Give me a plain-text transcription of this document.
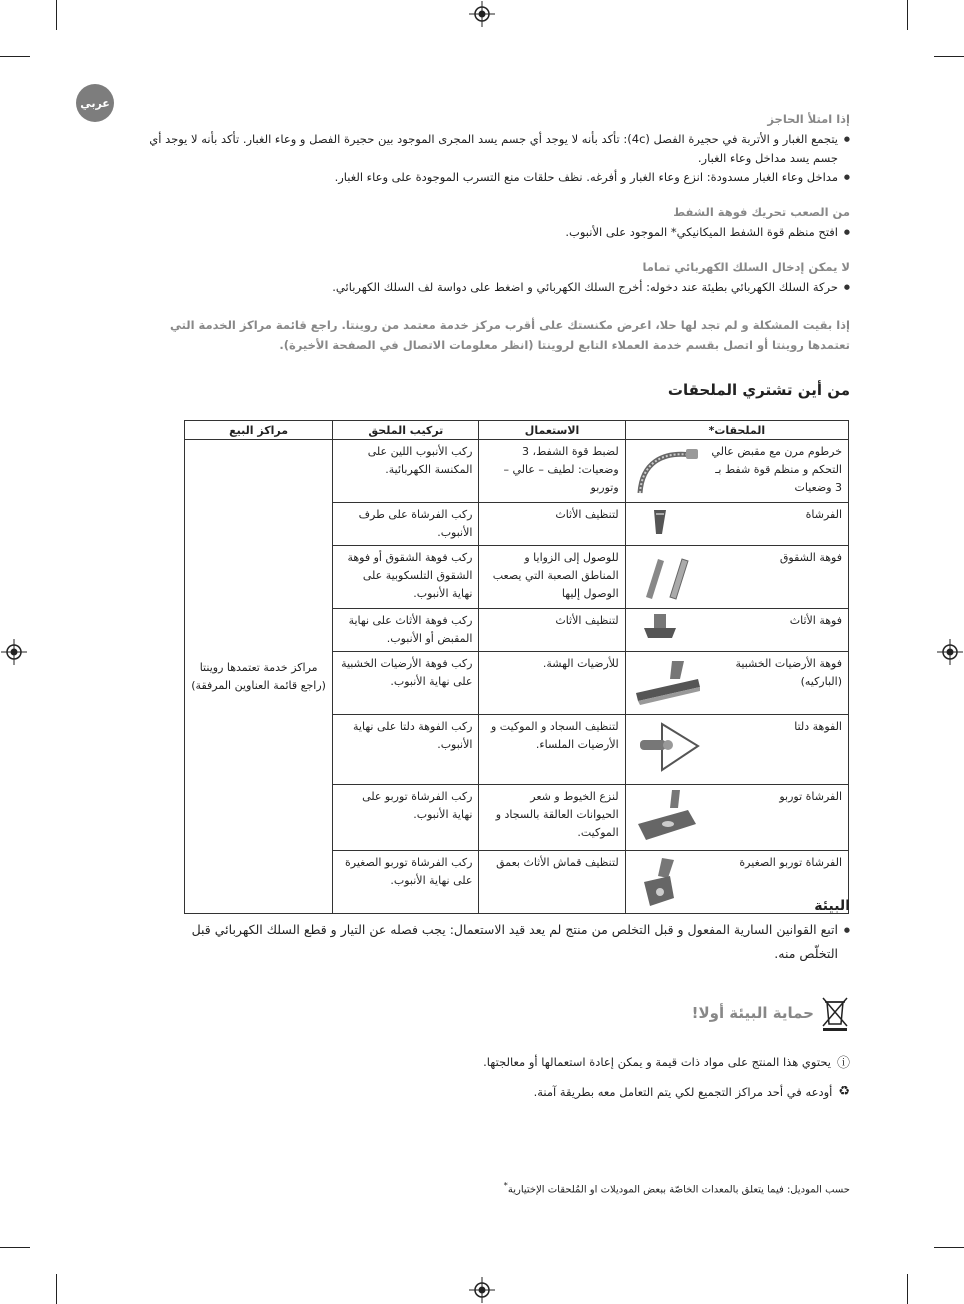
عربي
إذا امتلأ الحاجز
● يتجمع الغبار و الأتربة في حجيرة الفصل (4c): تأكد بأنه لا يوجد أي جسم يسد المجرى الموجود بين حجيرة الفصل و وعاء الغبار. تأكد بأنه لا يوجد أي جسم يسد مداخل وعاء الغبار.
● مداخل وعاء الغبار مسدودة: انزع وعاء الغبار و أفرغه. نظف حلقات منع التسرب الموجودة على وعاء الغبار.
من الصعب تحريك فوهة الشفط
● افتح منظم قوة الشفط الميكانيكي* الموجود على الأنبوب.
لا يمكن إدخال السلك الكهربائي تماما
● حركة السلك الكهربائي بطيئة عند دخوله: أخرج السلك الكهربائي و اضغط على دواسة لف السلك الكهربائي.
إذا بقيت المشكلة و لم تجد لها حلا، اعرض مكنستك على أقرب مركز خدمة معتمد من روينتا. راجع قائمة مراكز الخدمة التي تعتمدها روينتا أو اتصل بقسم خدمة العملاء التابع لروينتا (انظر معلومات الاتصال في الصفحة الأخيرة).
من أين تشتري الملحقات
الملحقات*	الاستعمال	تركيب الملحق	مراكز البيع

خرطوم مرن مع مقبض عالي التحكم و منظم قوة شفط بـ 3 وضعيات	لضبط قوة الشفط، 3 وضعيات: لطيف – عالي – وتوربو	ركب الأنبوب اللين على المكنسة الكهربائية.	مراكز خدمة تعتمدها روينتا (راجع قائمة العناوين المرفقة)

الفرشاة	لتنظيف الأثاث	ركب الفرشاة على طرف الأنبوب.	

فوهة الشقوق	للوصول إلى الزوايا و المناطق الصعبة التي يصعب الوصول إليها	ركب فوهة الشقوق أو فوهة الشقوق التلسكوبية على نهاية الأنبوب.	

فوهة الأثاث	لتنظيف الأثاث	ركب فوهة الأثاث على نهاية المقبض أو الأنبوب.	

فوهة الأرضيات الخشبية (الباركيه)	للأرضيات الهشة.	ركب فوهة الأرضيات الخشبية على نهاية الأنبوب.	

الفوهة دلتا	لتنظيف السجاد و الموكيت و الأرضيات الملساء.	ركب الفوهة دلتا على نهاية الأنبوب.	

الفرشاة توربو	لنزع الخيوط و شعر الحيوانات العالقة بالسجاد و الموكيت.	ركب الفرشاة توربو على نهاية الأنبوب.	

الفرشاة توربو الصغيرة	لتنظيف قماش الأثاث بعمق	ركب الفرشاة توربو الصغيرة على نهاية الأنبوب.	
البيئة
● اتبع القوانين السارية المفعول و قبل التخلص من منتج لم يعد قيد الاستعمال: يجب فصله عن التيار و قطع السلك الكهربائي قبل التخلّص منه.
حماية البيئة أولا!
ⓘ
يحتوي هذا المنتج على مواد ذات قيمة و يمكن إعادة استعمالها أو معالجتها.
♻
أودعه في أحد مراكز التجميع لكي يتم التعامل معه بطريقة آمنة.
حسب الموديل: فيما يتعلق بالمعدات الخاصّة ببعض الموديلات او المُلحقات الإختيارية*
